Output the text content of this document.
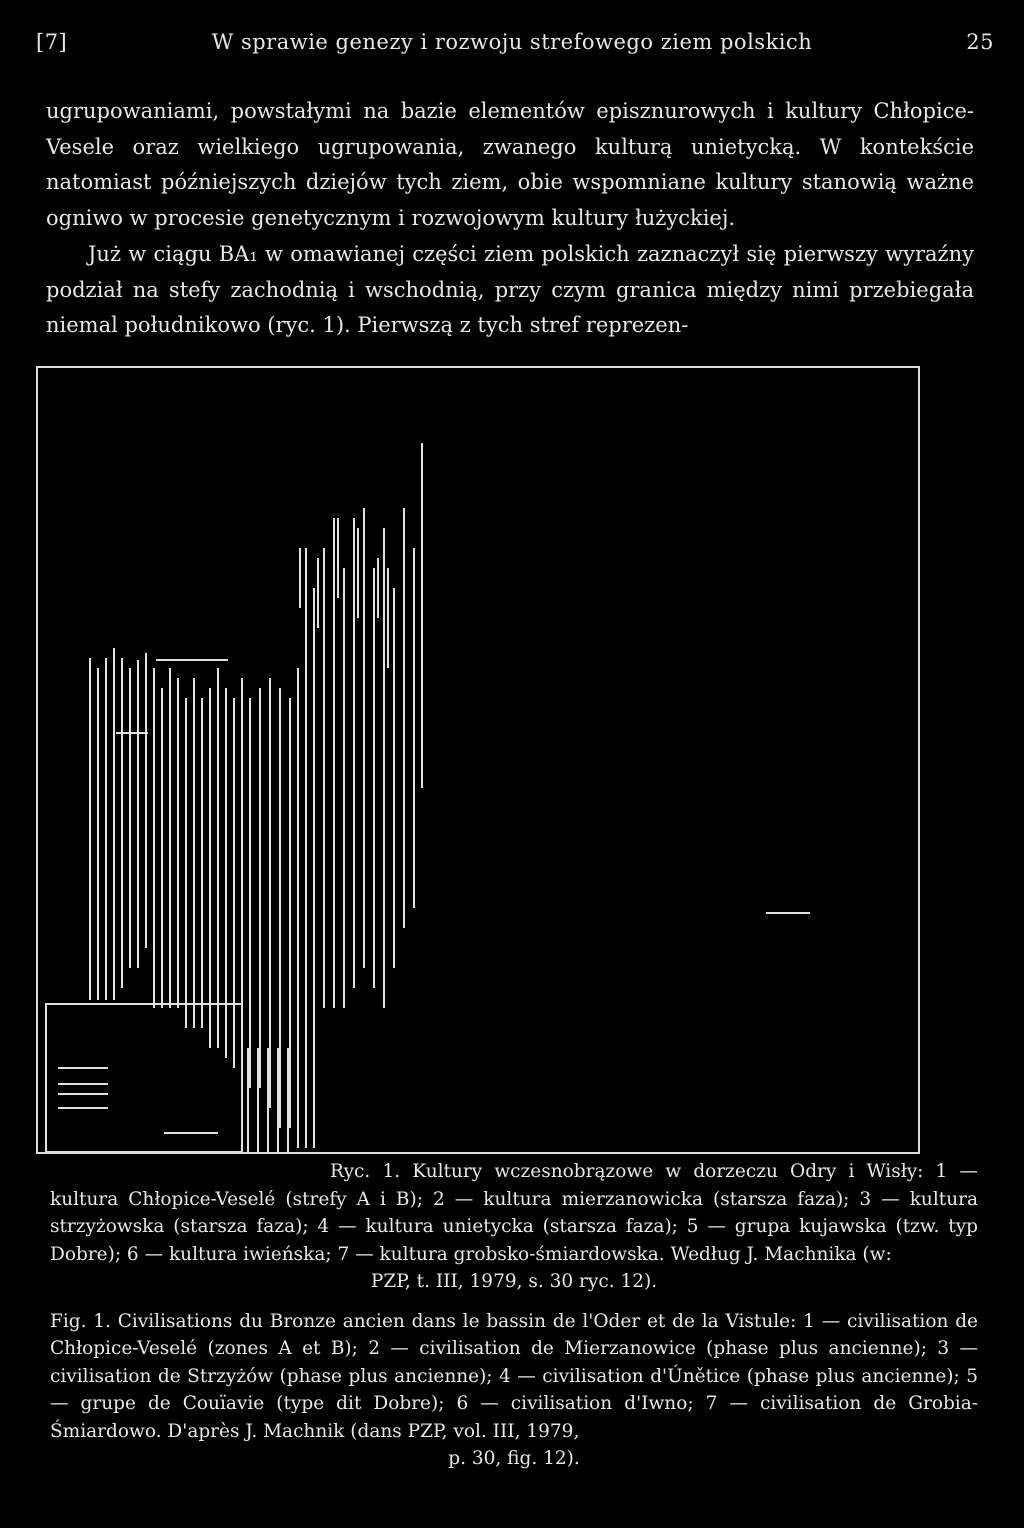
[7]	W sprawie genezy i rozwoju strefowego ziem polskich	25

ugrupowaniami, powstałymi na bazie elementów episznurowych i kultury Chłopice-Vesele oraz wielkiego ugrupowania, zwanego kulturą unietycką. W kontekście natomiast późniejszych dziejów tych ziem, obie wspomniane kultury stanowią ważne ogniwo w procesie genetycznym i rozwojowym kultury łużyckiej.

Już w ciągu BA₁ w omawianej części ziem polskich zaznaczył się pierwszy wyraźny podział na stefy zachodnią i wschodnią, przy czym granica między nimi przebiegała niemal południkowo (ryc. 1). Pierwszą z tych stref reprezen-

Ryc. 1. Kultury wczesnobrązowe w dorzeczu Odry i Wisły: 1 — kultura Chłopice-Veselé (strefy A i B); 2 — kultura mierzanowicka (starsza faza); 3 — kultura strzyżowska (starsza faza); 4 — kultura unietycka (starsza faza); 5 — grupa kujawska (tzw. typ Dobre); 6 — kultura iwieńska; 7 — kultura grobsko-śmiardowska. Według J. Machnika (w:
PZP, t. III, 1979, s. 30 ryc. 12).

Fig. 1. Civilisations du Bronze ancien dans le bassin de l'Oder et de la Vistule: 1 — civilisation de Chłopice-Veselé (zones A et B); 2 — civilisation de Mierzanowice (phase plus ancienne); 3 — civilisation de Strzyżów (phase plus ancienne); 4 — civilisation d'Únětice (phase plus ancienne); 5 — grupe de Couïavie (type dit Dobre); 6 — civilisation d'Iwno; 7 — civilisation de Grobia-Śmiardowo. D'après J. Machnik (dans PZP, vol. III, 1979,
p. 30, fig. 12).
